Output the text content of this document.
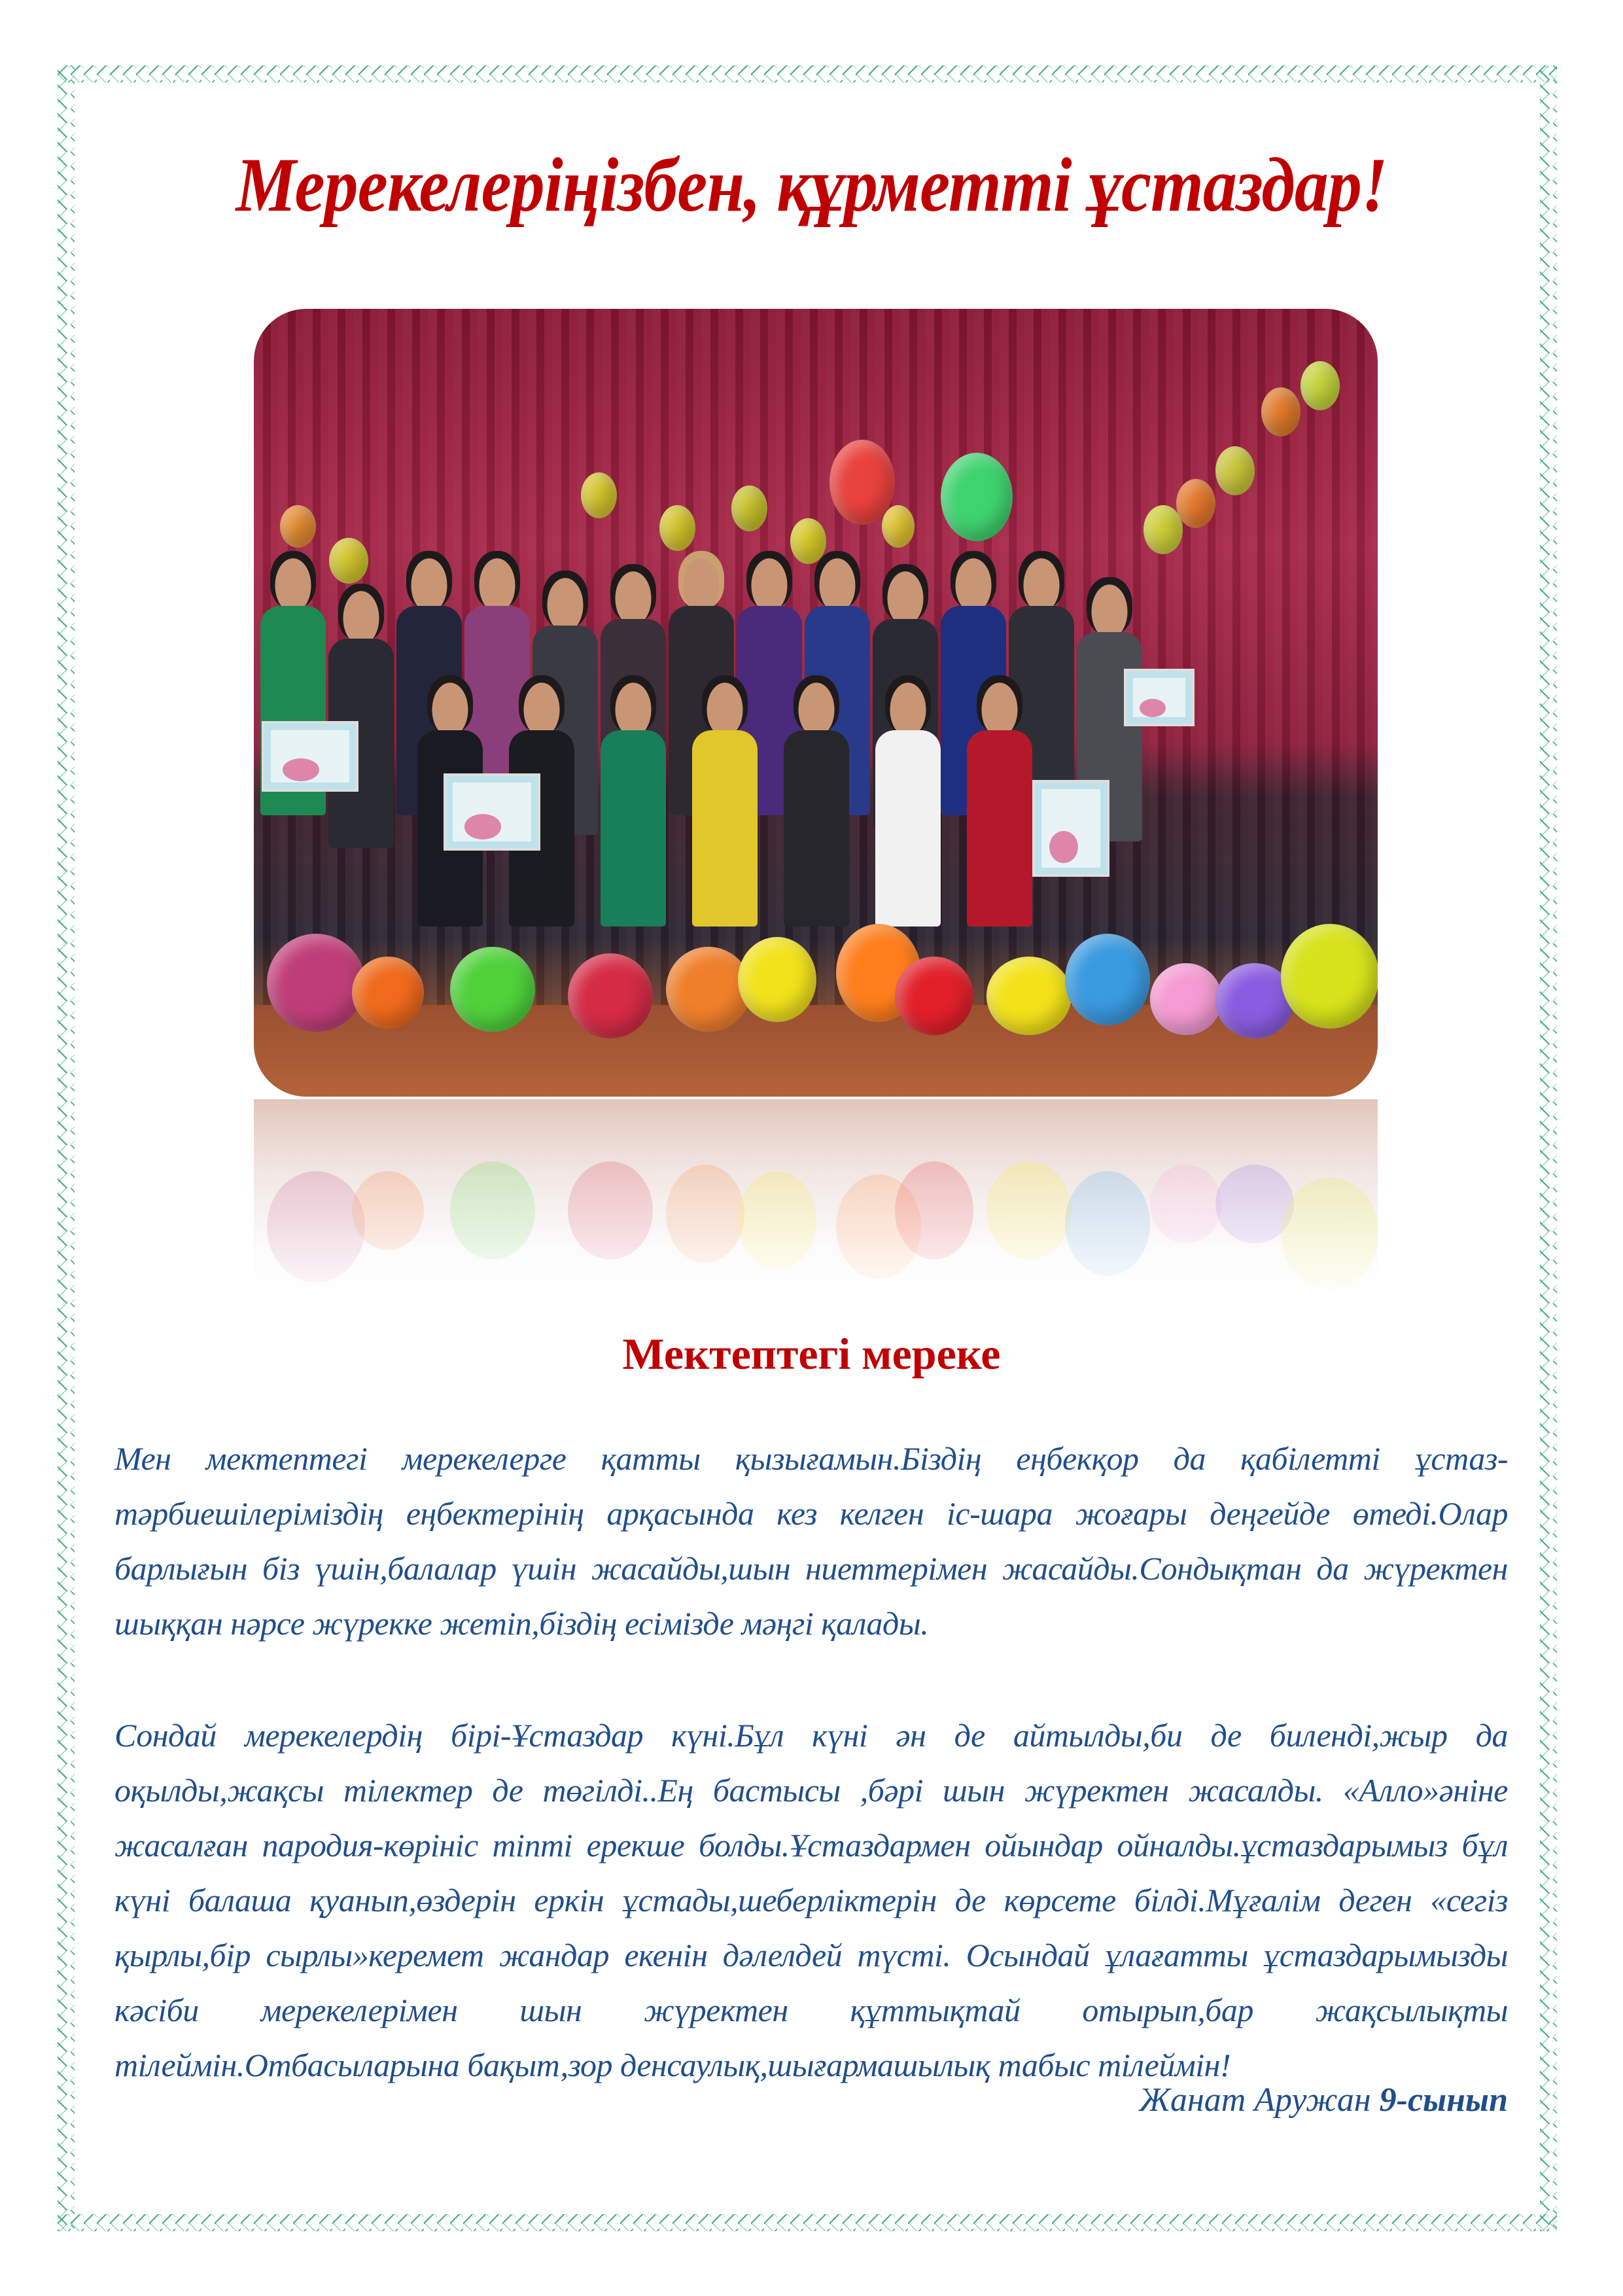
Мерекелеріңізбен, құрметті ұстаздар!
Мектептегі мереке

Мен мектептегі мерекелерге қатты қызығамын.Біздің еңбекқор да қабілетті ұстаз-тәрбиешілерімiздің еңбектерінің арқасында кез келген іс-шара жоғары деңгейде өтеді.Олар барлығын біз үшін,балалар үшін жасайды,шын ниеттерімен жасайды.Сондықтан да жүректен шыққан нәрсе жүрекке жетіп,біздің есімізде мәңгі қалады.

Сондай мерекелердің бірі-Ұстаздар күні.Бұл күні ән де айтылды,би де биленді,жыр да оқылды,жақсы тілектер де төгілді..Ең бастысы ,бәрі шын жүректен жасалды. «Алло»әніне жасалған пародия-көрініс тіпті ерекше болды.Ұстаздармен ойындар ойналды.ұстаздарымыз бұл күні балаша қуанып,өздерін еркін ұстады,шеберліктерін де көрсете білді.Мұғалім деген «сегіз қырлы,бір сырлы»керемет жандар екенін дәлелдей түсті. Осындай ұлағатты ұстаздарымызды кәсіби мерекелерімен шын жүректен құттықтай отырып,бар жақсылықты тілеймін.Отбасыларына бақыт,зор денсаулық,шығармашылық табыс тілеймін!

Жанат Аружан 9-сынып
